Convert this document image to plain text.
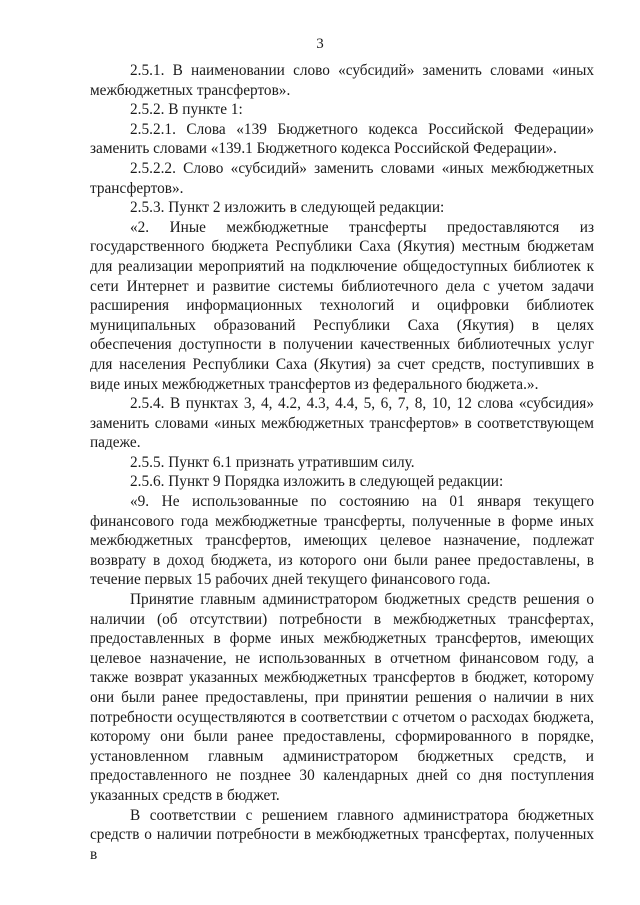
3

2.5.1. В наименовании слово «субсидий» заменить словами «иных межбюджетных трансфертов».

2.5.2. В пункте 1:

2.5.2.1. Слова «139 Бюджетного кодекса Российской Федерации» заменить словами «139.1 Бюджетного кодекса Российской Федерации».

2.5.2.2. Слово «субсидий» заменить словами «иных межбюджетных трансфертов».

2.5.3. Пункт 2 изложить в следующей редакции:

«2. Иные межбюджетные трансферты предоставляются из государственного бюджета Республики Саха (Якутия) местным бюджетам для реализации мероприятий на подключение общедоступных библиотек к сети Интернет и развитие системы библиотечного дела с учетом задачи расширения информационных технологий и оцифровки библиотек муниципальных образований Республики Саха (Якутия) в целях обеспечения доступности в получении качественных библиотечных услуг для населения Республики Саха (Якутия) за счет средств, поступивших в виде иных межбюджетных трансфертов из федерального бюджета.».

2.5.4. В пунктах 3, 4, 4.2, 4.3, 4.4, 5, 6, 7, 8, 10, 12 слова «субсидия» заменить словами «иных межбюджетных трансфертов» в соответствующем падеже.

2.5.5. Пункт 6.1 признать утратившим силу.

2.5.6. Пункт 9 Порядка изложить в следующей редакции:

«9. Не использованные по состоянию на 01 января текущего финансового года межбюджетные трансферты, полученные в форме иных межбюджетных трансфертов, имеющих целевое назначение, подлежат возврату в доход бюджета, из которого они были ранее предоставлены, в течение первых 15 рабочих дней текущего финансового года.

Принятие главным администратором бюджетных средств решения о наличии (об отсутствии) потребности в межбюджетных трансфертах, предоставленных в форме иных межбюджетных трансфертов, имеющих целевое назначение, не использованных в отчетном финансовом году, а также возврат указанных межбюджетных трансфертов в бюджет, которому они были ранее предоставлены, при принятии решения о наличии в них потребности осуществляются в соответствии с отчетом о расходах бюджета, которому они были ранее предоставлены, сформированного в порядке, установленном главным администратором бюджетных средств, и предоставленного не позднее 30 календарных дней со дня поступления указанных средств в бюджет.

В соответствии с решением главного администратора бюджетных средств о наличии потребности в межбюджетных трансфертах, полученных в
